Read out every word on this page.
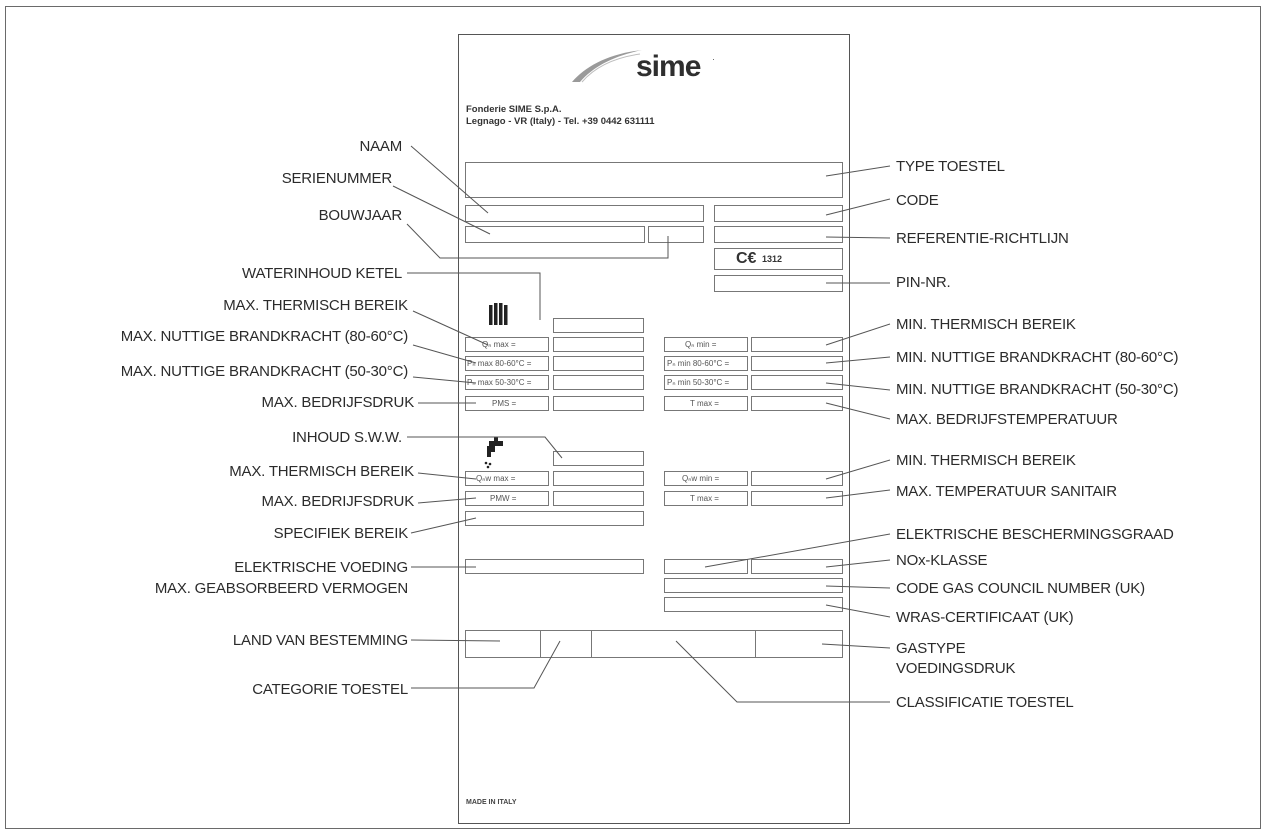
sime ·
Fonderie SIME S.p.A.
Legnago - VR (Italy) - Tel. +39 0442 631111
C€ 1312
Qₙ max =
Pₙ max 80-60°C =
Pₙ max 50-30°C =
PMS =
Qₙ min =
Pₙ min 80-60°C =
Pₙ min 50-30°C =
T max =
Qₙw max =
PMW =
Qₙw min =
T max =
MADE IN ITALY
NAAM
SERIENUMMER
BOUWJAAR
WATERINHOUD KETEL
MAX. THERMISCH BEREIK
MAX. NUTTIGE BRANDKRACHT (80-60°C)
MAX. NUTTIGE BRANDKRACHT (50-30°C)
MAX. BEDRIJFSDRUK
INHOUD S.W.W.
MAX. THERMISCH BEREIK
MAX. BEDRIJFSDRUK
SPECIFIEK BEREIK
ELEKTRISCHE VOEDING
MAX. GEABSORBEERD VERMOGEN
LAND VAN BESTEMMING
CATEGORIE TOESTEL
TYPE TOESTEL
CODE
REFERENTIE-RICHTLIJN
PIN-NR.
MIN. THERMISCH BEREIK
MIN. NUTTIGE BRANDKRACHT (80-60°C)
MIN. NUTTIGE BRANDKRACHT (50-30°C)
MAX. BEDRIJFSTEMPERATUUR
MIN. THERMISCH BEREIK
MAX. TEMPERATUUR SANITAIR
ELEKTRISCHE BESCHERMINGSGRAAD
NOx-KLASSE
CODE GAS COUNCIL NUMBER (UK)
WRAS-CERTIFICAAT (UK)
GASTYPE
VOEDINGSDRUK
CLASSIFICATIE TOESTEL
